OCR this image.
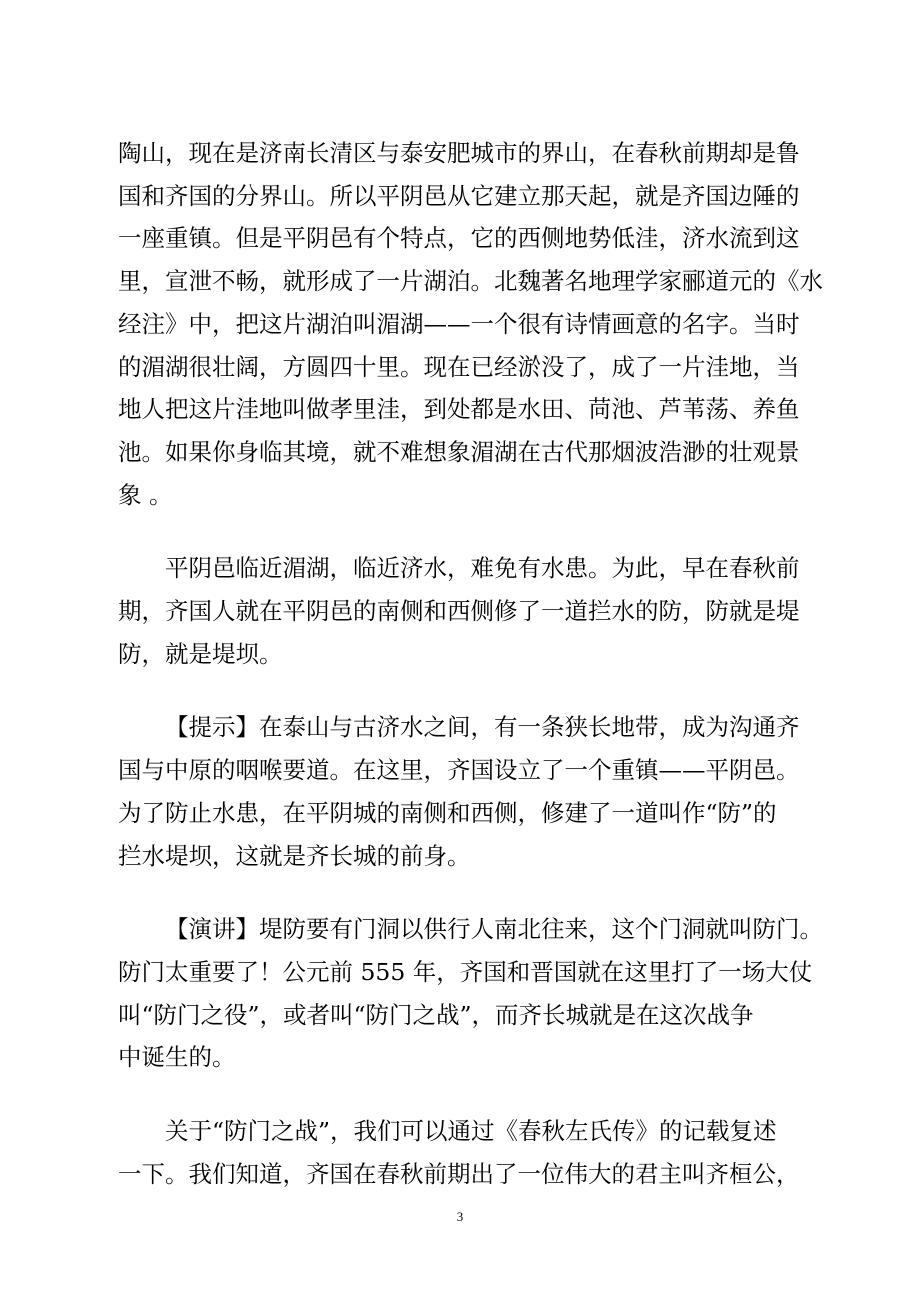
陶山，现在是济南长清区与泰安肥城市的界山，在春秋前期却是鲁
国和齐国的分界山。所以平阴邑从它建立那天起，就是齐国边陲的
一座重镇。但是平阴邑有个特点，它的西侧地势低洼，济水流到这
里，宣泄不畅，就形成了一片湖泊。北魏著名地理学家郦道元的《水
经注》中，把这片湖泊叫湄湖——一个很有诗情画意的名字。当时
的湄湖很壮阔，方圆四十里。现在已经淤没了，成了一片洼地，当
地人把这片洼地叫做孝里洼，到处都是水田、苘池、芦苇荡、养鱼
池。如果你身临其境，就不难想象湄湖在古代那烟波浩渺的壮观景
象 。

平阴邑临近湄湖，临近济水，难免有水患。为此，早在春秋前
期，齐国人就在平阴邑的南侧和西侧修了一道拦水的防，防就是堤
防，就是堤坝。

【提示】在泰山与古济水之间，有一条狭长地带，成为沟通齐
国与中原的咽喉要道。在这里，齐国设立了一个重镇——平阴邑。
为了防止水患，在平阴城的南侧和西侧，修建了一道叫作“防”的
拦水堤坝，这就是齐长城的前身。

【演讲】堤防要有门洞以供行人南北往来，这个门洞就叫防门。
防门太重要了！公元前 555 年，齐国和晋国就在这里打了一场大仗
叫“防门之役”，或者叫“防门之战”，而齐长城就是在这次战争
中诞生的。

关于“防门之战”，我们可以通过《春秋左氏传》的记载复述
一下。我们知道，齐国在春秋前期出了一位伟大的君主叫齐桓公，

3
